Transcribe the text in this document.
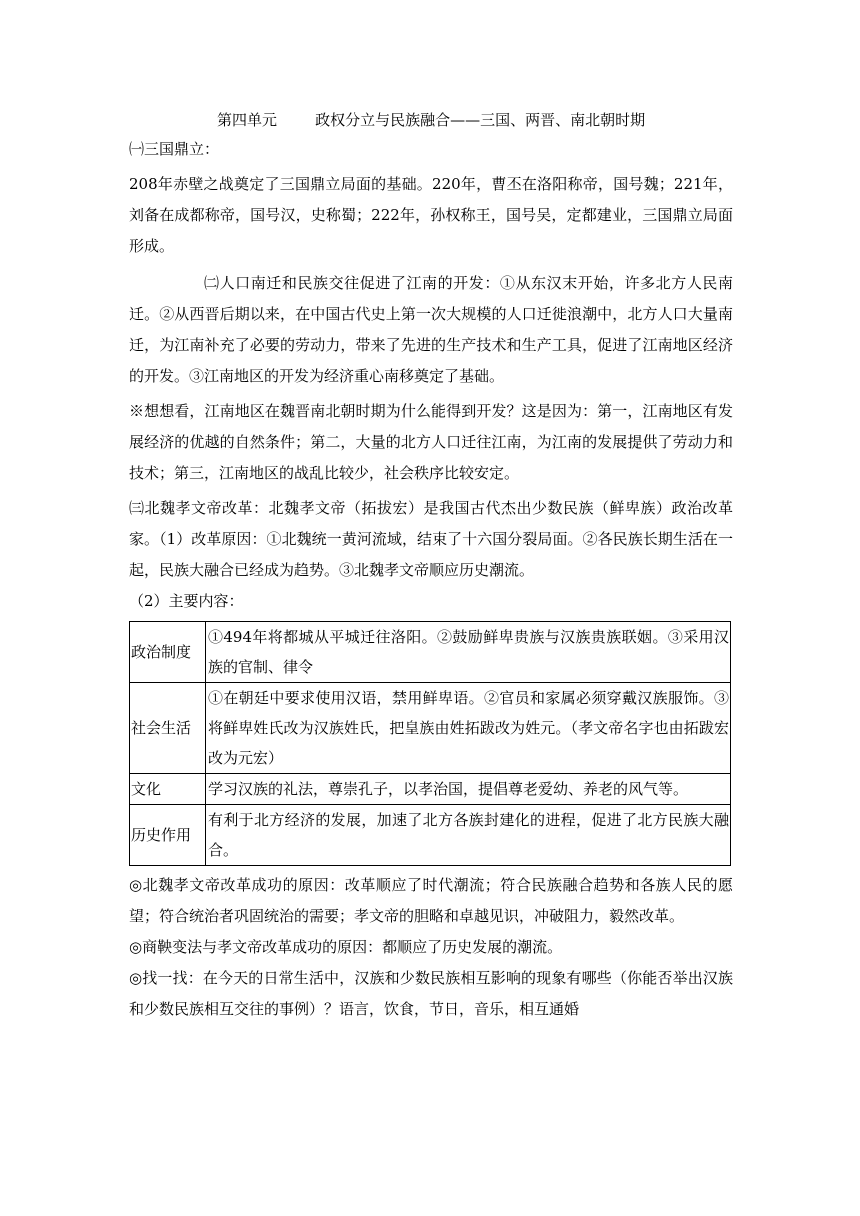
第四单元        政权分立与民族融合——三国、两晋、南北朝时期

㈠三国鼎立：

208年赤壁之战奠定了三国鼎立局面的基础。220年，曹丕在洛阳称帝，国号魏；221年，刘备在成都称帝，国号汉，史称蜀；222年，孙权称王，国号吴，定都建业，三国鼎立局面形成。

㈡人口南迁和民族交往促进了江南的开发：①从东汉末开始，许多北方人民南迁。②从西晋后期以来，在中国古代史上第一次大规模的人口迁徙浪潮中，北方人口大量南迁，为江南补充了必要的劳动力，带来了先进的生产技术和生产工具，促进了江南地区经济的开发。③江南地区的开发为经济重心南移奠定了基础。

※想想看，江南地区在魏晋南北朝时期为什么能得到开发？这是因为：第一，江南地区有发展经济的优越的自然条件；第二，大量的北方人口迁往江南，为江南的发展提供了劳动力和技术；第三，江南地区的战乱比较少，社会秩序比较安定。

㈢北魏孝文帝改革：北魏孝文帝（拓拔宏）是我国古代杰出少数民族（鲜卑族）政治改革家。（1）改革原因：①北魏统一黄河流域，结束了十六国分裂局面。②各民族长期生活在一起，民族大融合已经成为趋势。③北魏孝文帝顺应历史潮流。

（2）主要内容：

政治制度	①494年将都城从平城迁往洛阳。②鼓励鲜卑贵族与汉族贵族联姻。③采用汉族的官制、律令
社会生活	①在朝廷中要求使用汉语，禁用鲜卑语。②官员和家属必须穿戴汉族服饰。③将鲜卑姓氏改为汉族姓氏，把皇族由姓拓跋改为姓元。（孝文帝名字也由拓跋宏改为元宏）
文化	学习汉族的礼法，尊崇孔子，以孝治国，提倡尊老爱幼、养老的风气等。
历史作用	有利于北方经济的发展，加速了北方各族封建化的进程，促进了北方民族大融合。

◎北魏孝文帝改革成功的原因：改革顺应了时代潮流；符合民族融合趋势和各族人民的愿望；符合统治者巩固统治的需要；孝文帝的胆略和卓越见识，冲破阻力，毅然改革。

◎商鞅变法与孝文帝改革成功的原因：都顺应了历史发展的潮流。

◎找一找：在今天的日常生活中，汉族和少数民族相互影响的现象有哪些（你能否举出汉族和少数民族相互交往的事例）？语言，饮食，节日，音乐，相互通婚
